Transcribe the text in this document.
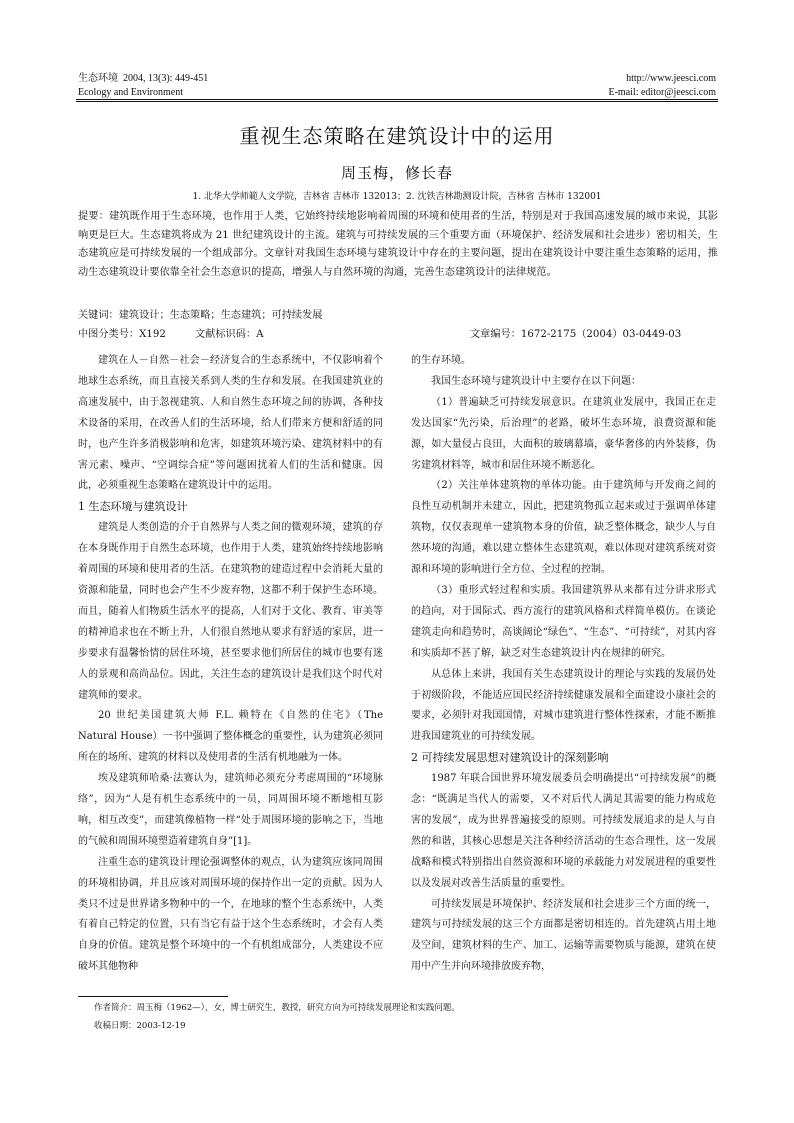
生态环境 2004, 13(3): 449-451
Ecology and Environment
http://www.jeesci.com
E-mail: editor@jeesci.com
重视生态策略在建筑设计中的运用
周玉梅，修长春
1. 北华大学师範人文学院，吉林省 吉林市 132013；2. 沈铁吉林勘测设计院，吉林省 吉林市 132001
提要：建筑既作用于生态环境，也作用于人类，它始终持续地影响着周围的环境和使用者的生活，特别是对于我国高速发展的城市来说，其影响更是巨大。生态建筑将成为 21 世纪建筑设计的主流。建筑与可持续发展的三个重要方面（环境保护、经济发展和社会进步）密切相关，生态建筑应是可持续发展的一个组成部分。文章针对我国生态环境与建筑设计中存在的主要问题，提出在建筑设计中要注重生态策略的运用，推动生态建筑设计要依靠全社会生态意识的提高，增强人与自然环境的沟通，完善生态建筑设计的法律规范。
关键词：建筑设计；生态策略；生态建筑；可持续发展
中图分类号：X192	文献标识码：A	文章编号：1672-2175（2004）03-0449-03

建筑在人－自然－社会－经济复合的生态系统中，不仅影响着个地球生态系统，而且直接关系到人类的生存和发展。在我国建筑业的高速发展中，由于忽视建筑、人和自然生态环境之间的协调，各种技术设备的采用，在改善人们的生活环境，给人们带来方便和舒适的同时，也产生许多消极影响和危害，如建筑环境污染、建筑材料中的有害元素、噪声、“空调综合症”等问题困扰着人们的生活和健康。因此，必须重视生态策略在建筑设计中的运用。

1 生态环境与建筑设计

建筑是人类创造的介于自然界与人类之间的微观环境，建筑的存在本身既作用于自然生态环境，也作用于人类，建筑始终持续地影响着周围的环境和使用者的生活。在建筑物的建造过程中会消耗大量的资源和能量，同时也会产生不少废弃物，这都不利于保护生态环境。而且，随着人们物质生活水平的提高，人们对于文化、教育、审美等的精神追求也在不断上升，人们很自然地从要求有舒适的家居，进一步要求有温馨怡情的居住环境，甚至要求他们所居住的城市也要有迷人的景观和高尚品位。因此，关注生态的建筑设计是我们这个时代对建筑师的要求。

20 世纪美国建筑大师 F.L. 赖特在《自然的住宅》（The Natural House）一书中强调了整体概念的重要性，认为建筑必须同所在的场所、建筑的材料以及使用者的生活有机地融为一体。

埃及建筑师哈桑·法赛认为，建筑师必须充分考虑周围的“环境脉络”，因为“人是有机生态系统中的一员，同周围环境不断地相互影响，相互改变”，而建筑像植物一样“处于周围环境的影响之下，当地的气候和周围环境塑造着建筑自身”[1]。

注重生态的建筑设计理论强调整体的观点，认为建筑应该同周围的环境相协调，并且应该对周围环境的保持作出一定的贡献。因为人类只不过是世界诸多物种中的一个，在地球的整个生态系统中，人类有着自己特定的位置，只有当它有益于这个生态系统时，才会有人类自身的价值。建筑是整个环境中的一个有机组成部分，人类建设不应破坏其他物种

的生存环境。

我国生态环境与建筑设计中主要存在以下问题：

（1）普遍缺乏可持续发展意识。在建筑业发展中，我国正在走发达国家“先污染，后治理”的老路，破坏生态环境，浪费资源和能源，如大量侵占良田，大面积的玻璃幕墙，豪华奢侈的内外装修，伪劣建筑材料等，城市和居住环境不断恶化。

（2）关注单体建筑物的单体功能。由于建筑师与开发商之间的良性互动机制并未建立，因此，把建筑物孤立起来或过于强调单体建筑物，仅仅表现单一建筑物本身的价值，缺乏整体概念，缺少人与自然环境的沟通，难以建立整体生态建筑观，难以体现对建筑系统对资源和环境的影响进行全方位、全过程的控制。

（3）重形式轻过程和实质。我国建筑界从来都有过分讲求形式的趋向，对于国际式、西方流行的建筑风格和式样简单模仿。在谈论建筑走向和趋势时，高谈阔论“绿色”、“生态”、“可持续”，对其内容和实质却不甚了解，缺乏对生态建筑设计内在规律的研究。

从总体上来讲，我国有关生态建筑设计的理论与实践的发展仍处于初级阶段，不能适应国民经济持续健康发展和全面建设小康社会的要求，必须针对我国国情，对城市建筑进行整体性探索，才能不断推进我国建筑业的可持续发展。

2 可持续发展思想对建筑设计的深刻影响

1987 年联合国世界环境发展委员会明确提出“可持续发展”的概念：“既满足当代人的需要，又不对后代人满足其需要的能力构成危害的发展”，成为世界普遍接受的原则。可持续发展追求的是人与自然的和谐，其核心思想是关注各种经济活动的生态合理性，这一发展战略和模式特别指出自然资源和环境的承载能力对发展进程的重要性以及发展对改善生活质量的重要性。

可持续发展是环境保护、经济发展和社会进步三个方面的统一，建筑与可持续发展的这三个方面都是密切相连的。首先建筑占用土地及空间，建筑材料的生产、加工、运输等需要物质与能源，建筑在使用中产生并向环境排放废弃物，

作者简介：周玉梅（1962—），女，博士研究生，教授，研究方向为可持续发展理论和实践问题。
收稿日期：2003-12-19
